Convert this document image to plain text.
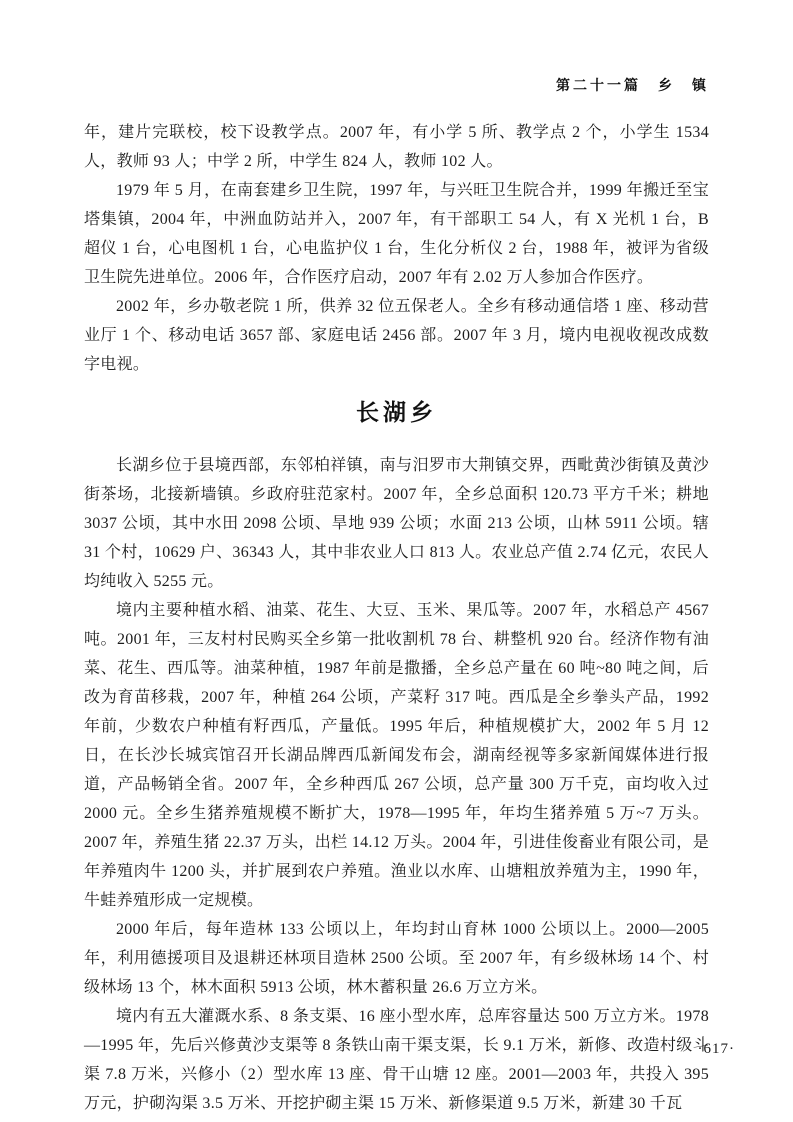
第二十一篇　乡　镇

年，建片完联校，校下设教学点。2007 年，有小学 5 所、教学点 2 个，小学生 1534 人，教师 93 人；中学 2 所，中学生 824 人，教师 102 人。

1979 年 5 月，在南套建乡卫生院，1997 年，与兴旺卫生院合并，1999 年搬迁至宝塔集镇，2004 年，中洲血防站并入，2007 年，有干部职工 54 人，有 X 光机 1 台，B 超仪 1 台，心电图机 1 台，心电监护仪 1 台，生化分析仪 2 台，1988 年，被评为省级卫生院先进单位。2006 年，合作医疗启动，2007 年有 2.02 万人参加合作医疗。

2002 年，乡办敬老院 1 所，供养 32 位五保老人。全乡有移动通信塔 1 座、移动营业厅 1 个、移动电话 3657 部、家庭电话 2456 部。2007 年 3 月，境内电视收视改成数字电视。

长湖乡

长湖乡位于县境西部，东邻柏祥镇，南与汨罗市大荆镇交界，西毗黄沙街镇及黄沙街茶场，北接新墙镇。乡政府驻范家村。2007 年，全乡总面积 120.73 平方千米；耕地 3037 公顷，其中水田 2098 公顷、旱地 939 公顷；水面 213 公顷，山林 5911 公顷。辖 31 个村，10629 户、36343 人，其中非农业人口 813 人。农业总产值 2.74 亿元，农民人均纯收入 5255 元。

境内主要种植水稻、油菜、花生、大豆、玉米、果瓜等。2007 年，水稻总产 4567 吨。2001 年，三友村村民购买全乡第一批收割机 78 台、耕整机 920 台。经济作物有油菜、花生、西瓜等。油菜种植，1987 年前是撒播，全乡总产量在 60 吨~80 吨之间，后改为育苗移栽，2007 年，种植 264 公顷，产菜籽 317 吨。西瓜是全乡拳头产品，1992 年前，少数农户种植有籽西瓜，产量低。1995 年后，种植规模扩大，2002 年 5 月 12 日，在长沙长城宾馆召开长湖品牌西瓜新闻发布会，湖南经视等多家新闻媒体进行报道，产品畅销全省。2007 年，全乡种西瓜 267 公顷，总产量 300 万千克，亩均收入过 2000 元。全乡生猪养殖规模不断扩大，1978—1995 年，年均生猪养殖 5 万~7 万头。2007 年，养殖生猪 22.37 万头，出栏 14.12 万头。2004 年，引进佳俊畜业有限公司，是年养殖肉牛 1200 头，并扩展到农户养殖。渔业以水库、山塘粗放养殖为主，1990 年，牛蛙养殖形成一定规模。

2000 年后，每年造林 133 公顷以上，年均封山育林 1000 公顷以上。2000—2005 年，利用德援项目及退耕还林项目造林 2500 公顷。至 2007 年，有乡级林场 14 个、村级林场 13 个，林木面积 5913 公顷，林木蓄积量 26.6 万立方米。

境内有五大灌溉水系、8 条支渠、16 座小型水库，总库容量达 500 万立方米。1978—1995 年，先后兴修黄沙支渠等 8 条铁山南干渠支渠，长 9.1 万米，新修、改造村级斗渠 7.8 万米，兴修小（2）型水库 13 座、骨干山塘 12 座。2001—2003 年，共投入 395 万元，护砌沟渠 3.5 万米、开挖护砌主渠 15 万米、新修渠道 9.5 万米，新建 30 千瓦

·617·
